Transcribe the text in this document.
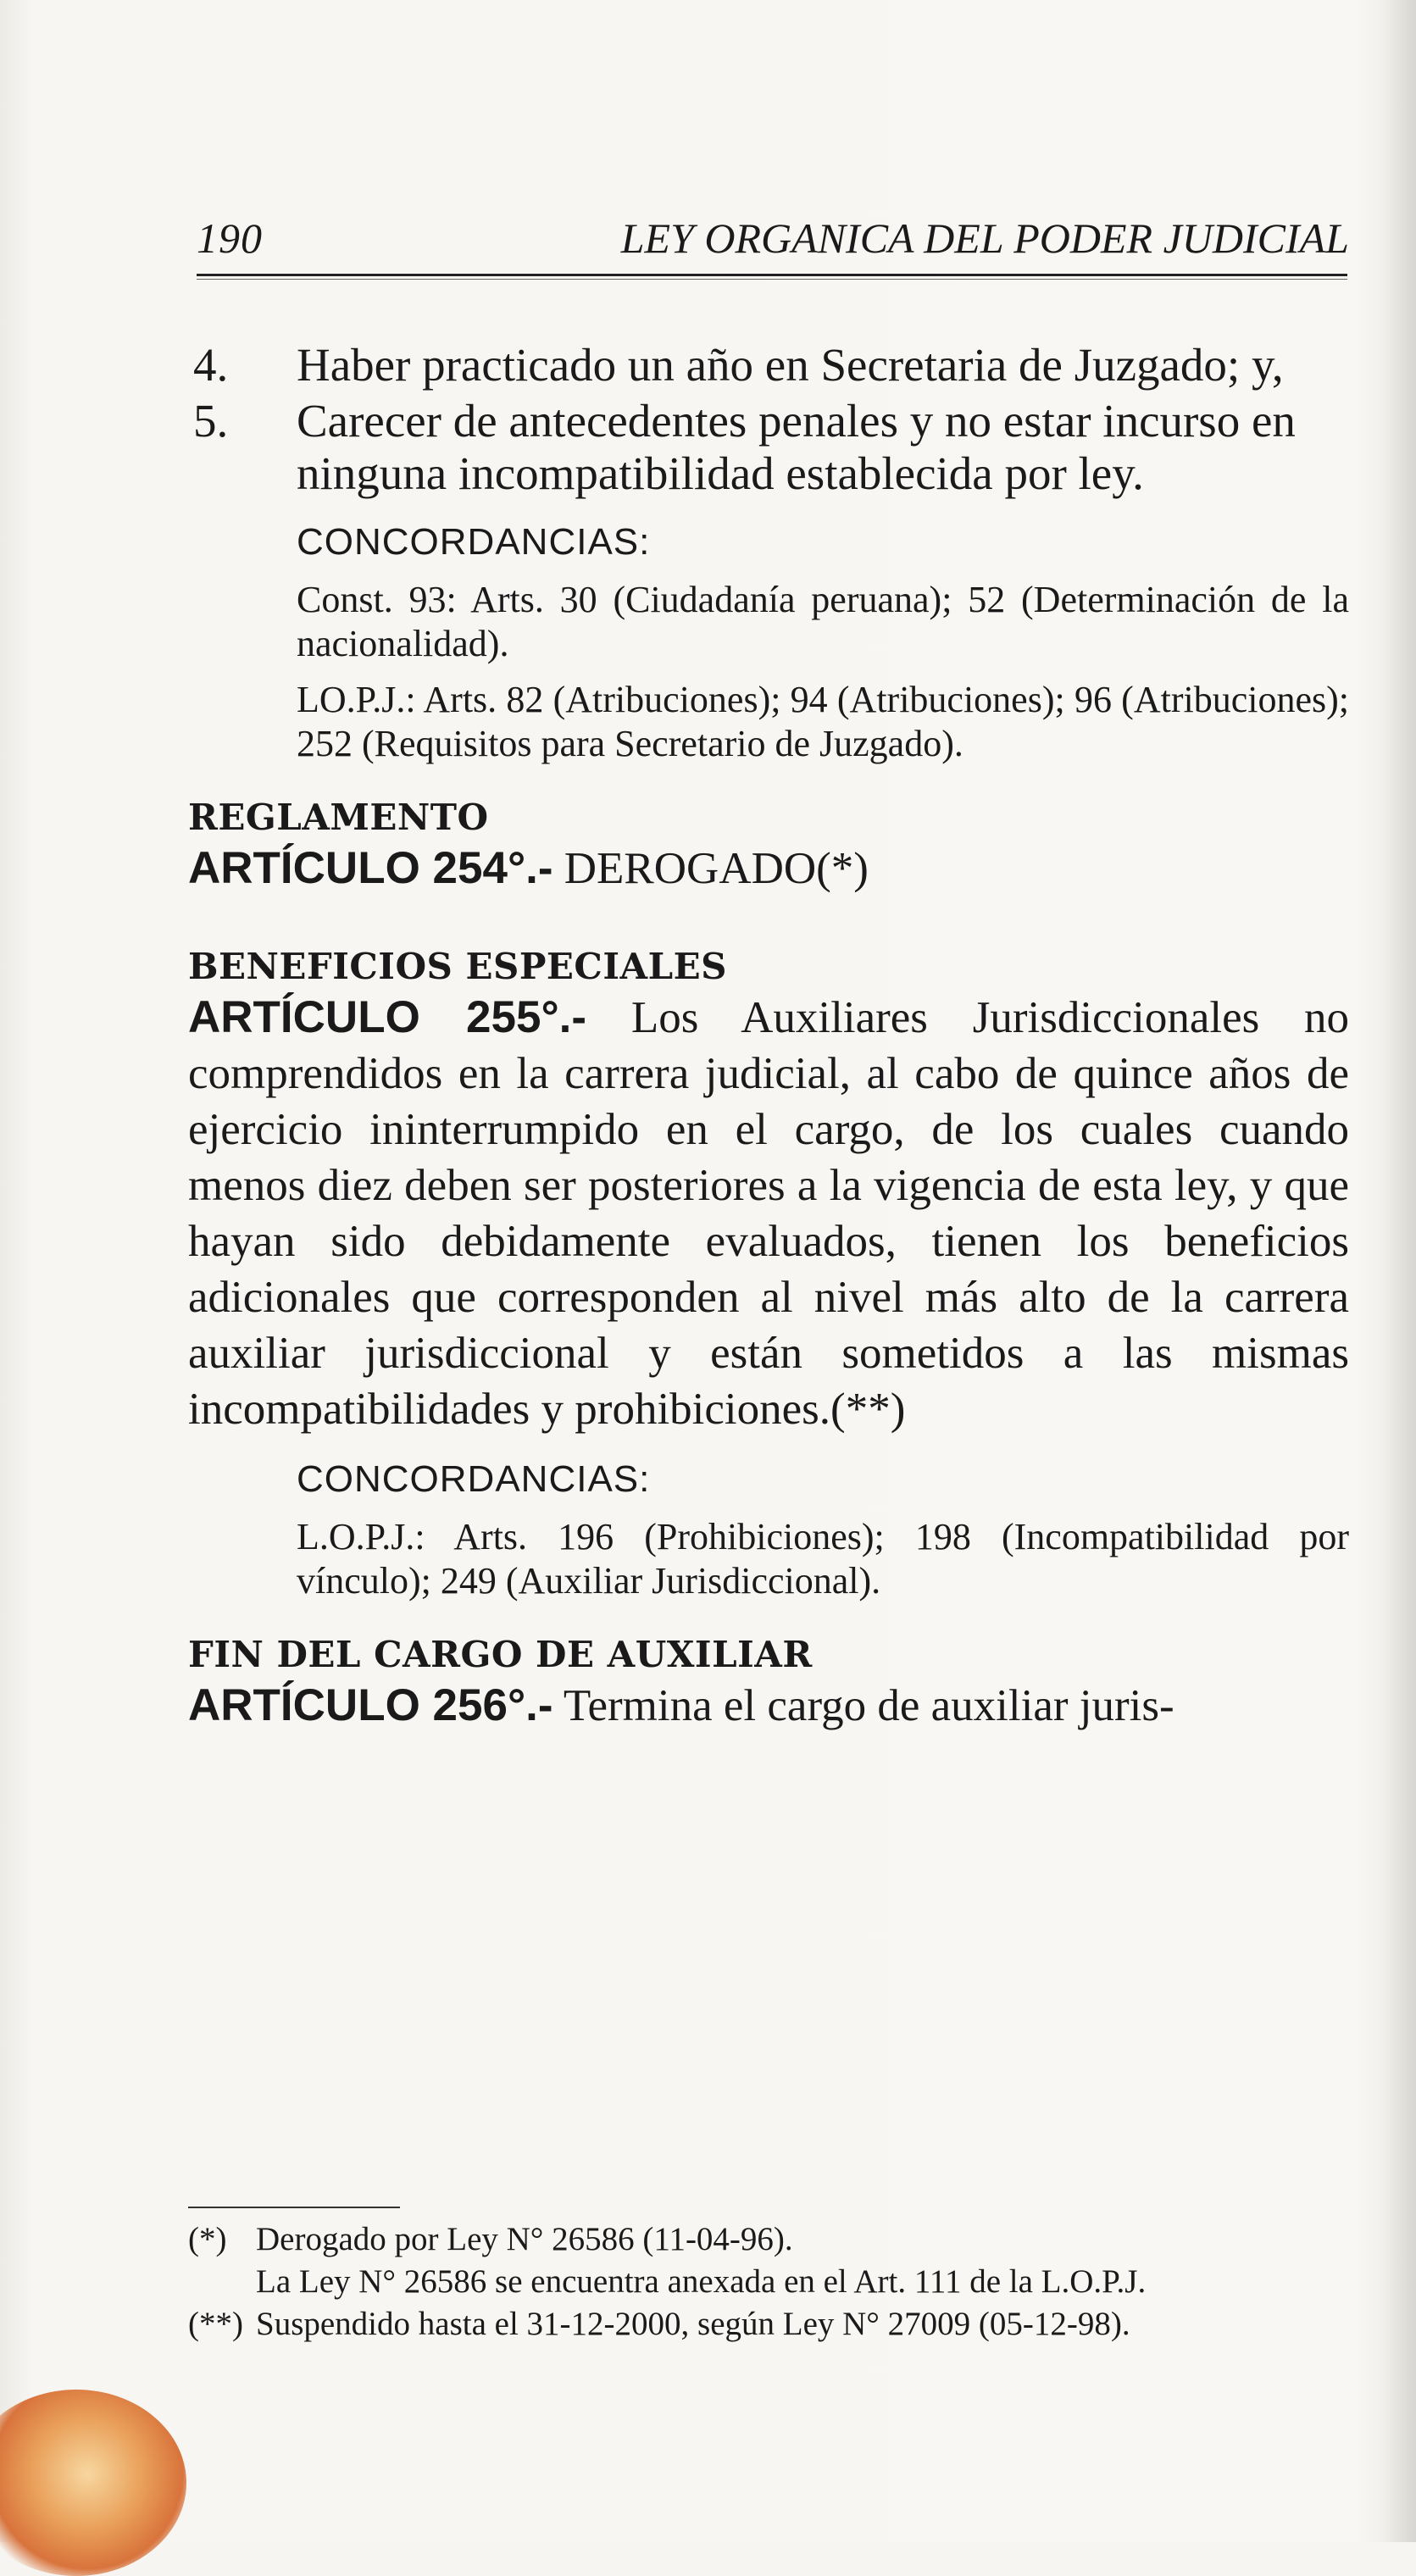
190	LEY ORGANICA DEL PODER JUDICIAL
4. Haber practicado un año en Secretaria de Juzgado; y,
5. Carecer de antecedentes penales y no estar incurso en ninguna incompatibilidad establecida por ley.
CONCORDANCIAS:
Const. 93: Arts. 30 (Ciudadanía peruana); 52 (Determinación de la nacionalidad).
LO.P.J.: Arts. 82 (Atribuciones); 94 (Atribuciones); 96 (Atribuciones); 252 (Requisitos para Secretario de Juzgado).
REGLAMENTO
ARTÍCULO 254°.- DEROGADO(*)
BENEFICIOS ESPECIALES
ARTÍCULO 255°.- Los Auxiliares Jurisdiccionales no comprendidos en la carrera judicial, al cabo de quince años de ejercicio ininterrumpido en el cargo, de los cuales cuando menos diez deben ser posteriores a la vigencia de esta ley, y que hayan sido debidamente evaluados, tienen los beneficios adicionales que corresponden al nivel más alto de la carrera auxiliar jurisdiccional y están sometidos a las mismas incompatibilidades y prohibiciones.(**)
CONCORDANCIAS:
L.O.P.J.: Arts. 196 (Prohibiciones); 198 (Incompatibilidad por vínculo); 249 (Auxiliar Jurisdiccional).
FIN DEL CARGO DE AUXILIAR
ARTÍCULO 256°.- Termina el cargo de auxiliar juris-
(*) Derogado por Ley N° 26586 (11-04-96).
La Ley N° 26586 se encuentra anexada en el Art. 111 de la L.O.P.J.
(**) Suspendido hasta el 31-12-2000, según Ley N° 27009 (05-12-98).
